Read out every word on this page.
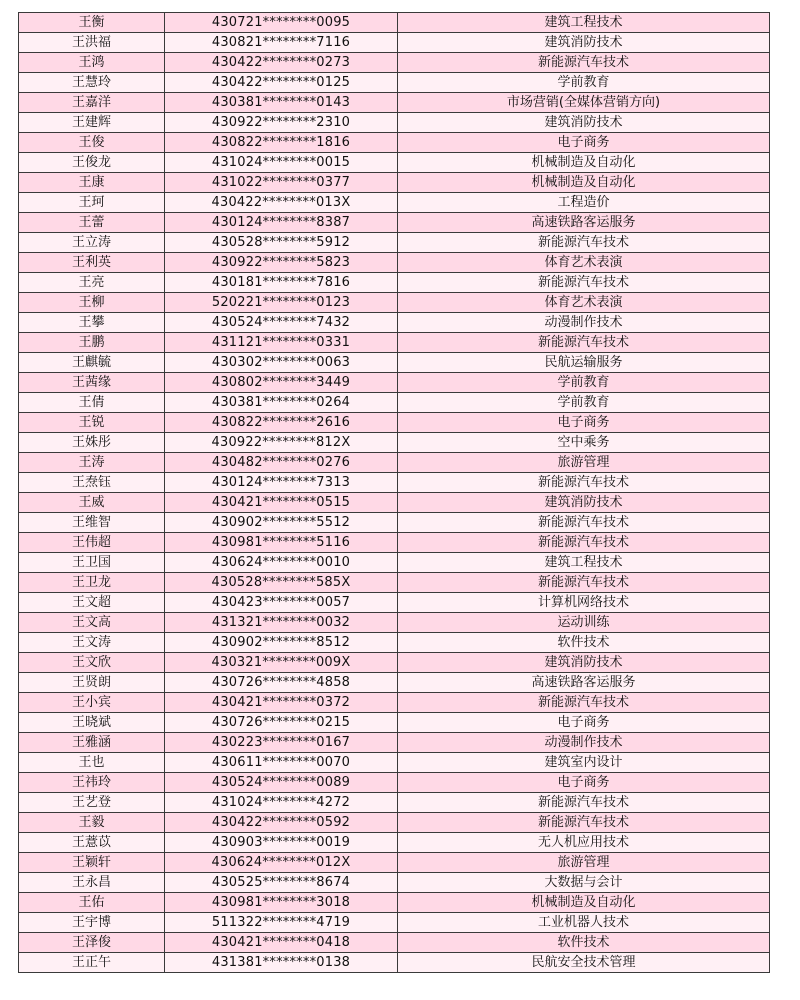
王衡	430721********0095	建筑工程技术
王洪福	430821********7116	建筑消防技术
王鸿	430422********0273	新能源汽车技术
王慧玲	430422********0125	学前教育
王嘉洋	430381********0143	市场营销(全媒体营销方向)
王建辉	430922********2310	建筑消防技术
王俊	430822********1816	电子商务
王俊龙	431024********0015	机械制造及自动化
王康	431022********0377	机械制造及自动化
王珂	430422********013X	工程造价
王蕾	430124********8387	高速铁路客运服务
王立涛	430528********5912	新能源汽车技术
王利英	430922********5823	体育艺术表演
王亮	430181********7816	新能源汽车技术
王柳	520221********0123	体育艺术表演
王攀	430524********7432	动漫制作技术
王鹏	431121********0331	新能源汽车技术
王麒毓	430302********0063	民航运输服务
王茜缘	430802********3449	学前教育
王倩	430381********0264	学前教育
王锐	430822********2616	电子商务
王姝彤	430922********812X	空中乘务
王涛	430482********0276	旅游管理
王焘钰	430124********7313	新能源汽车技术
王威	430421********0515	建筑消防技术
王维智	430902********5512	新能源汽车技术
王伟超	430981********5116	新能源汽车技术
王卫国	430624********0010	建筑工程技术
王卫龙	430528********585X	新能源汽车技术
王文超	430423********0057	计算机网络技术
王文高	431321********0032	运动训练
王文涛	430902********8512	软件技术
王文欣	430321********009X	建筑消防技术
王贤朗	430726********4858	高速铁路客运服务
王小宾	430421********0372	新能源汽车技术
王晓斌	430726********0215	电子商务
王雅涵	430223********0167	动漫制作技术
王也	430611********0070	建筑室内设计
王祎玲	430524********0089	电子商务
王艺登	431024********4272	新能源汽车技术
王毅	430422********0592	新能源汽车技术
王薏苡	430903********0019	无人机应用技术
王颖轩	430624********012X	旅游管理
王永昌	430525********8674	大数据与会计
王佑	430981********3018	机械制造及自动化
王宇博	511322********4719	工业机器人技术
王泽俊	430421********0418	软件技术
王正午	431381********0138	民航安全技术管理
